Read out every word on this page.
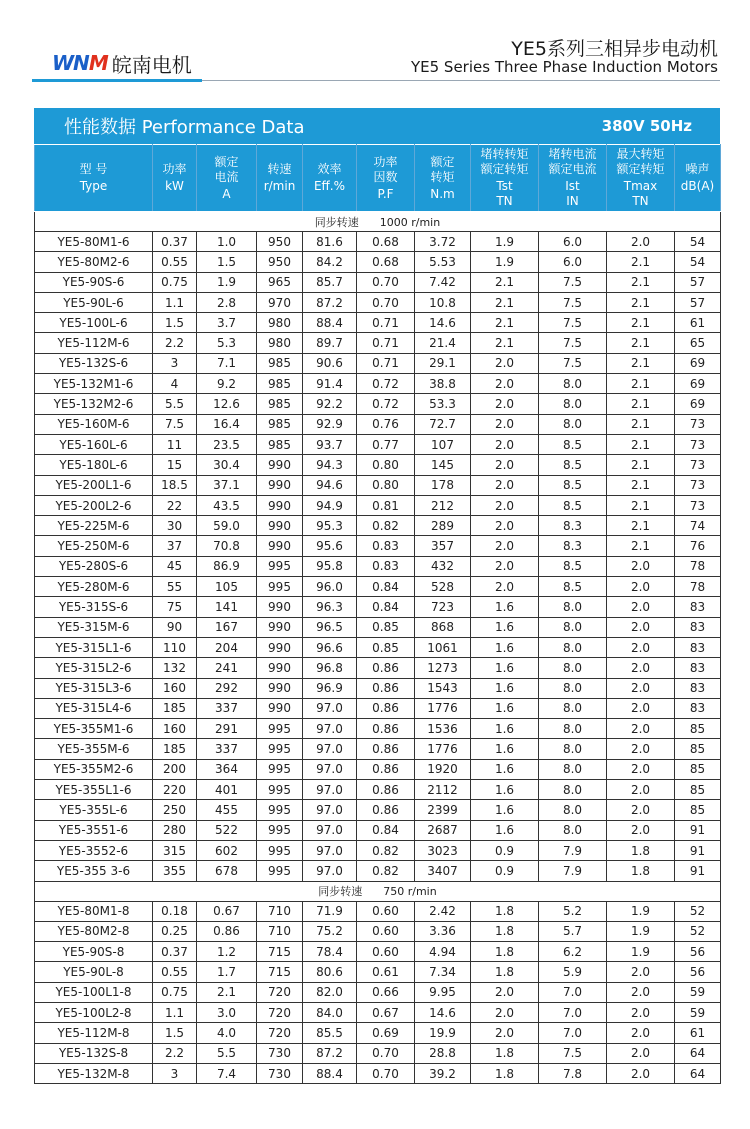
WNM 皖南电机
YE5系列三相异步电动机
YE5 Series Three Phase Induction Motors
性能数据 Performance Data	380V 50Hz
型 号
Type	功率
kW	额定
电流
A	转速
r/min	效率
Eff.%	功率
因数
P.F	额定
转矩
N.m	堵转转矩
额定转矩
Tst
TN	堵转电流
额定电流
Ist
IN	最大转矩
额定转矩
Tmax
TN	噪声
dB(A)

同步转速      1000 r/min										
YE5-80M1-6	0.37	1.0	950	81.6	0.68	3.72	1.9	6.0	2.0	54
YE5-80M2-6	0.55	1.5	950	84.2	0.68	5.53	1.9	6.0	2.1	54
YE5-90S-6	0.75	1.9	965	85.7	0.70	7.42	2.1	7.5	2.1	57
YE5-90L-6	1.1	2.8	970	87.2	0.70	10.8	2.1	7.5	2.1	57
YE5-100L-6	1.5	3.7	980	88.4	0.71	14.6	2.1	7.5	2.1	61
YE5-112M-6	2.2	5.3	980	89.7	0.71	21.4	2.1	7.5	2.1	65
YE5-132S-6	3	7.1	985	90.6	0.71	29.1	2.0	7.5	2.1	69
YE5-132M1-6	4	9.2	985	91.4	0.72	38.8	2.0	8.0	2.1	69
YE5-132M2-6	5.5	12.6	985	92.2	0.72	53.3	2.0	8.0	2.1	69
YE5-160M-6	7.5	16.4	985	92.9	0.76	72.7	2.0	8.0	2.1	73
YE5-160L-6	11	23.5	985	93.7	0.77	107	2.0	8.5	2.1	73
YE5-180L-6	15	30.4	990	94.3	0.80	145	2.0	8.5	2.1	73
YE5-200L1-6	18.5	37.1	990	94.6	0.80	178	2.0	8.5	2.1	73
YE5-200L2-6	22	43.5	990	94.9	0.81	212	2.0	8.5	2.1	73
YE5-225M-6	30	59.0	990	95.3	0.82	289	2.0	8.3	2.1	74
YE5-250M-6	37	70.8	990	95.6	0.83	357	2.0	8.3	2.1	76
YE5-280S-6	45	86.9	995	95.8	0.83	432	2.0	8.5	2.0	78
YE5-280M-6	55	105	995	96.0	0.84	528	2.0	8.5	2.0	78
YE5-315S-6	75	141	990	96.3	0.84	723	1.6	8.0	2.0	83
YE5-315M-6	90	167	990	96.5	0.85	868	1.6	8.0	2.0	83
YE5-315L1-6	110	204	990	96.6	0.85	1061	1.6	8.0	2.0	83
YE5-315L2-6	132	241	990	96.8	0.86	1273	1.6	8.0	2.0	83
YE5-315L3-6	160	292	990	96.9	0.86	1543	1.6	8.0	2.0	83
YE5-315L4-6	185	337	990	97.0	0.86	1776	1.6	8.0	2.0	83
YE5-355M1-6	160	291	995	97.0	0.86	1536	1.6	8.0	2.0	85
YE5-355M-6	185	337	995	97.0	0.86	1776	1.6	8.0	2.0	85
YE5-355M2-6	200	364	995	97.0	0.86	1920	1.6	8.0	2.0	85
YE5-355L1-6	220	401	995	97.0	0.86	2112	1.6	8.0	2.0	85
YE5-355L-6	250	455	995	97.0	0.86	2399	1.6	8.0	2.0	85
YE5-3551-6	280	522	995	97.0	0.84	2687	1.6	8.0	2.0	91
YE5-3552-6	315	602	995	97.0	0.82	3023	0.9	7.9	1.8	91
YE5-355 3-6	355	678	995	97.0	0.82	3407	0.9	7.9	1.8	91
同步转速      750 r/min										
YE5-80M1-8	0.18	0.67	710	71.9	0.60	2.42	1.8	5.2	1.9	52
YE5-80M2-8	0.25	0.86	710	75.2	0.60	3.36	1.8	5.7	1.9	52
YE5-90S-8	0.37	1.2	715	78.4	0.60	4.94	1.8	6.2	1.9	56
YE5-90L-8	0.55	1.7	715	80.6	0.61	7.34	1.8	5.9	2.0	56
YE5-100L1-8	0.75	2.1	720	82.0	0.66	9.95	2.0	7.0	2.0	59
YE5-100L2-8	1.1	3.0	720	84.0	0.67	14.6	2.0	7.0	2.0	59
YE5-112M-8	1.5	4.0	720	85.5	0.69	19.9	2.0	7.0	2.0	61
YE5-132S-8	2.2	5.5	730	87.2	0.70	28.8	1.8	7.5	2.0	64
YE5-132M-8	3	7.4	730	88.4	0.70	39.2	1.8	7.8	2.0	64
